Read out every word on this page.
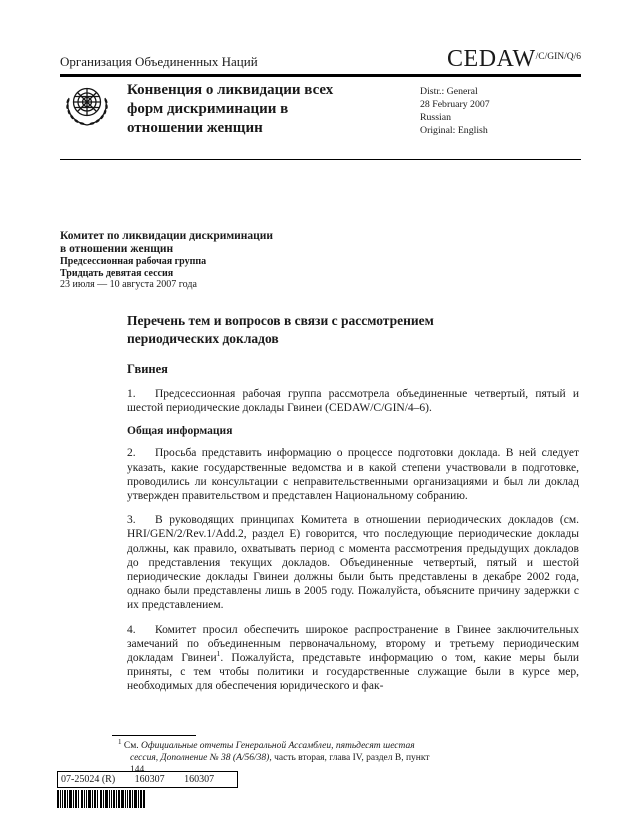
Организация Объединенных Наций	$CEDAW^{/C/GIN/Q/6}$
Конвенция о ликвидации всех
форм дискриминации в
отношении женщин
Distr.: General
28 February 2007
Russian
Original: English
Комитет по ликвидации дискриминации
в отношении женщин
Предсессионная рабочая группа
Тридцать девятая сессия
23 июля — 10 августа 2007 года
Перечень тем и вопросов в связи с рассмотрением
периодических докладов
Гвинея

1. Предсессионная рабочая группа рассмотрела объединенные четвертый, пятый и шестой периодические доклады Гвинеи (CEDAW/C/GIN/4–6).

Общая информация

2. Просьба представить информацию о процессе подготовки доклада. В ней следует указать, какие государственные ведомства и в какой степени участвовали в подготовке, проводились ли консультации с неправительственными организациями и был ли доклад утвержден правительством и представлен Национальному собранию.

3. В руководящих принципах Комитета в отношении периодических докладов (см. HRI/GEN/2/Rev.1/Add.2, раздел E) говорится, что последующие периодические доклады должны, как правило, охватывать период с момента рассмотрения предыдущих докладов до представления текущих докладов. Объединенные четвертый, пятый и шестой периодические доклады Гвинеи должны были быть представлены в декабре 2002 года, однако были представлены лишь в 2005 году. Пожалуйста, объясните причину задержки с их представлением.

4. Комитет просил обеспечить широкое распространение в Гвинее заключительных замечаний по объединенным первоначальному, второму и третьему периодическим докладам Гвинеи$^1$. Пожалуйста, представьте информацию о том, какие меры были приняты, с тем чтобы политики и государственные служащие были в курсе мер, необходимых для обеспечения юридического и фак-

$^1$ См. Официальные отчеты Генеральной Ассамблеи, пятьдесят шестая сессия, Дополнение № 38 (A/56/38), часть вторая, глава IV, раздел B, пункт 144.

07-25024 (R) 160307 160307
